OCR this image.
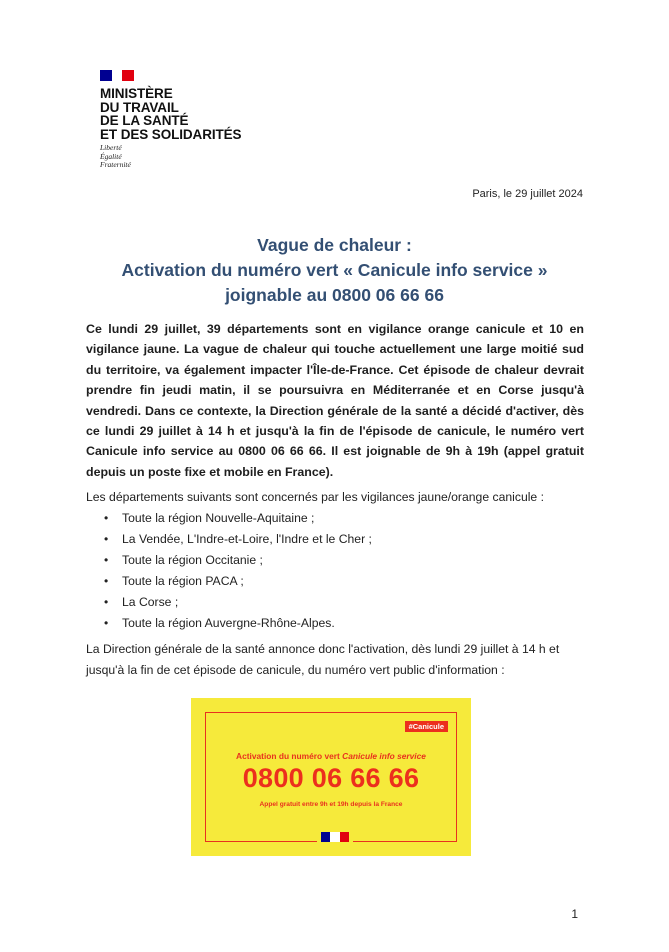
MINISTÈRE
DU TRAVAIL
DE LA SANTÉ
ET DES SOLIDARITÉS
Liberté
Égalité
Fraternité
Paris, le 29 juillet 2024
Vague de chaleur :
Activation du numéro vert « Canicule info service »
joignable au 0800 06 66 66
Ce lundi 29 juillet, 39 départements sont en vigilance orange canicule et 10 en vigilance jaune. La vague de chaleur qui touche actuellement une large moitié sud du territoire, va également impacter l'Île-de-France. Cet épisode de chaleur devrait prendre fin jeudi matin, il se poursuivra en Méditerranée et en Corse jusqu'à vendredi. Dans ce contexte, la Direction générale de la santé a décidé d'activer, dès ce lundi 29 juillet à 14 h et jusqu'à la fin de l'épisode de canicule, le numéro vert Canicule info service au 0800 06 66 66. Il est joignable de 9h à 19h (appel gratuit depuis un poste fixe et mobile en France).
Les départements suivants sont concernés par les vigilances jaune/orange canicule :
•	Toute la région Nouvelle-Aquitaine ;
•	La Vendée, L'Indre-et-Loire, l'Indre et le Cher ;
•	Toute la région Occitanie ;
•	Toute la région PACA ;
•	La Corse ;
•	Toute la région Auvergne-Rhône-Alpes.
La Direction générale de la santé annonce donc l'activation, dès lundi 29 juillet à 14 h et jusqu'à la fin de cet épisode de canicule, du numéro vert public d'information :
#Canicule
Activation du numéro vert Canicule info service
0800 06 66 66
Appel gratuit entre 9h et 19h depuis la France
1
